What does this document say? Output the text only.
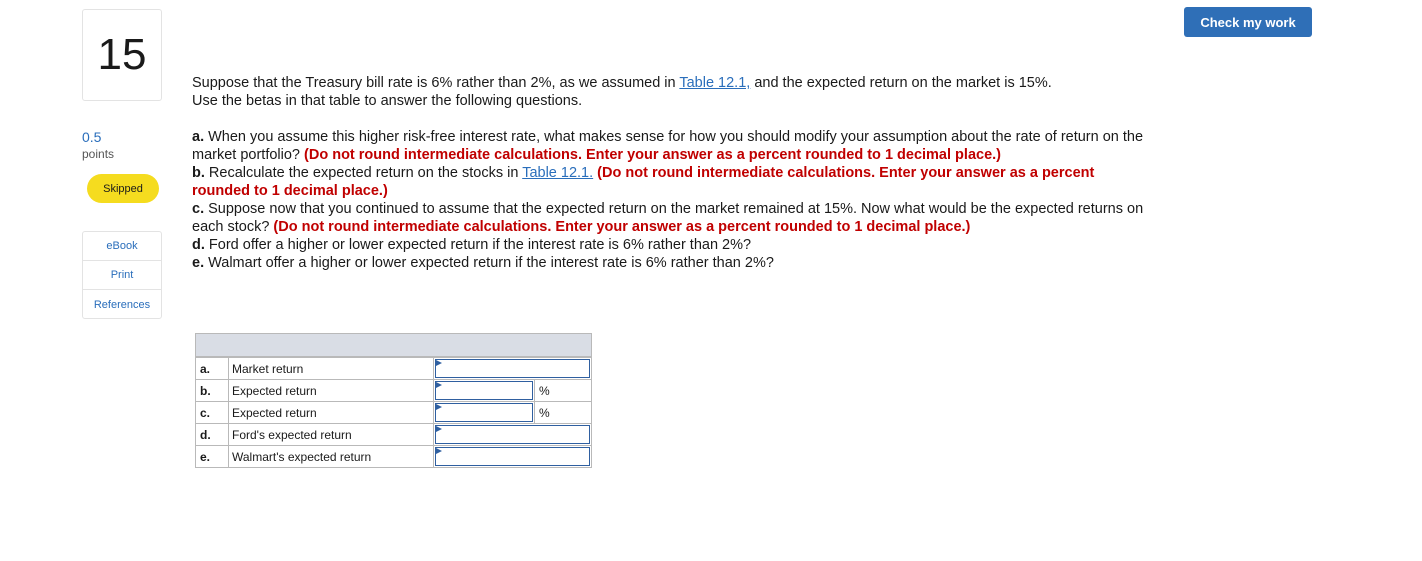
15
0.5
points
Skipped
eBook
Print
References
Check my work

Suppose that the Treasury bill rate is 6% rather than 2%, as we assumed in Table 12.1, and the expected return on the market is 15%.
Use the betas in that table to answer the following questions.

a. When you assume this higher risk-free interest rate, what makes sense for how you should modify your assumption about the rate of return on the market portfolio? (Do not round intermediate calculations. Enter your answer as a percent rounded to 1 decimal place.)

b. Recalculate the expected return on the stocks in Table 12.1. (Do not round intermediate calculations. Enter your answer as a percent rounded to 1 decimal place.)

c. Suppose now that you continued to assume that the expected return on the market remained at 15%. Now what would be the expected returns on each stock? (Do not round intermediate calculations. Enter your answer as a percent rounded to 1 decimal place.)

d. Ford offer a higher or lower expected return if the interest rate is 6% rather than 2%?

e. Walmart offer a higher or lower expected return if the interest rate is 6% rather than 2%?

a.	Market return	

b.	Expected return	%

c.	Expected return	%

d.	Ford's expected return	

e.	Walmart's expected return	
